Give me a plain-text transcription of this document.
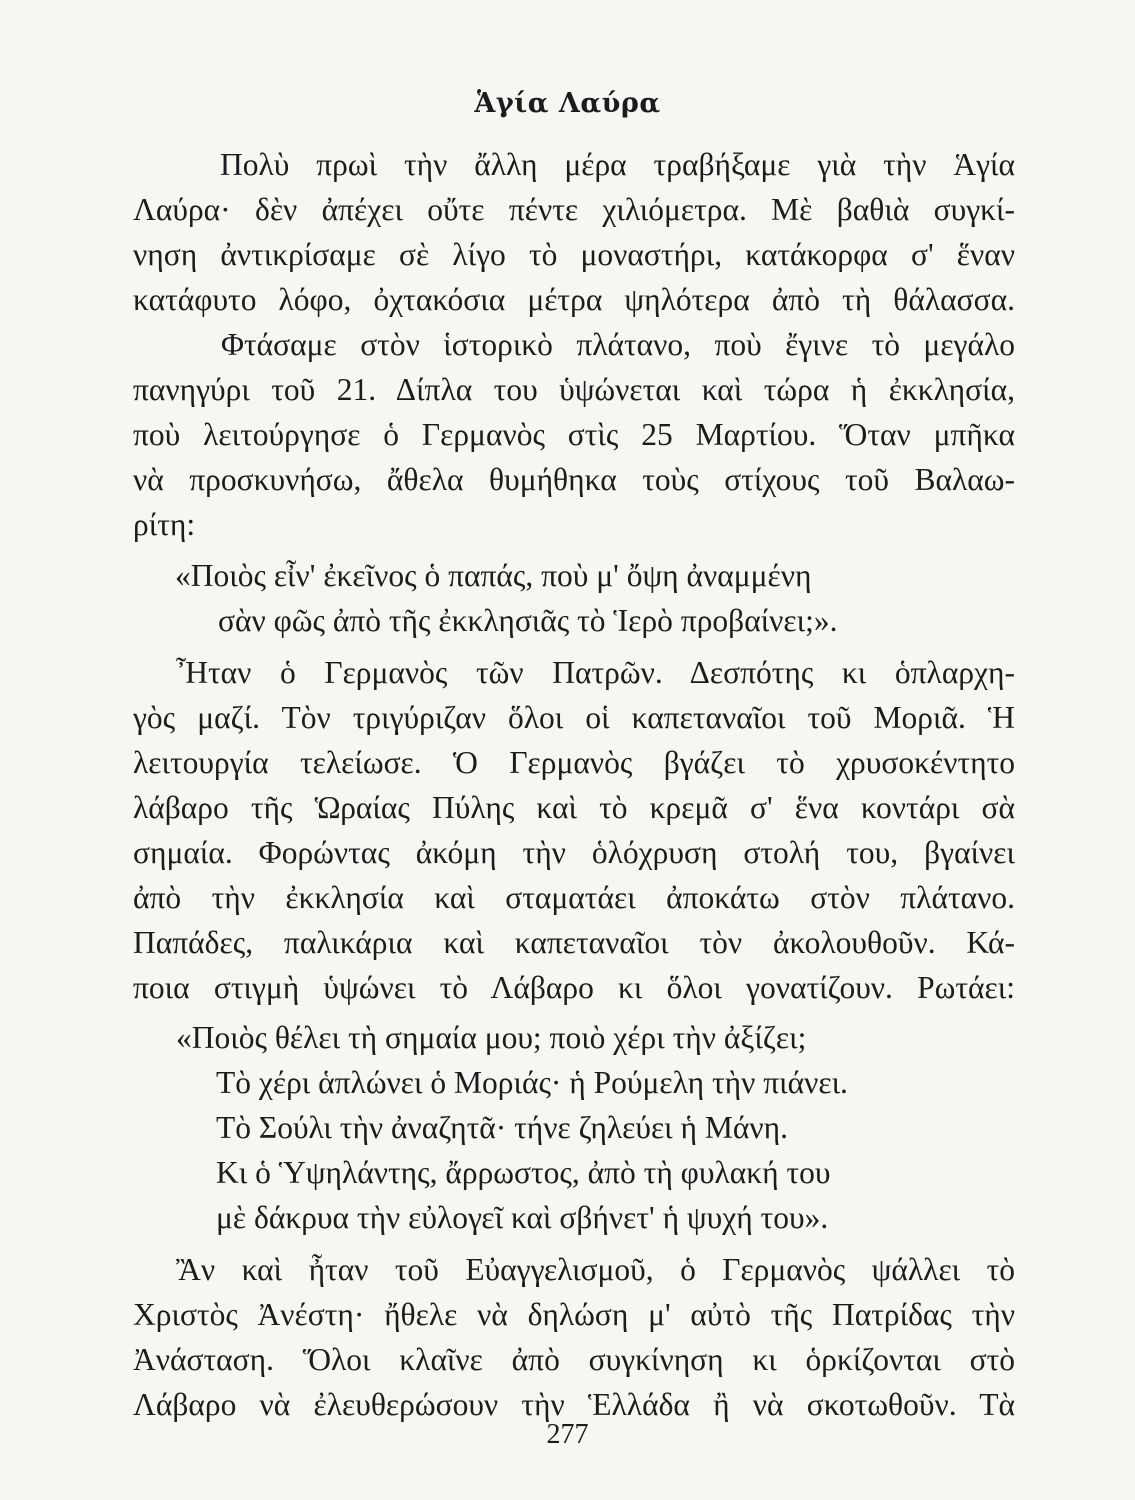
Ἁγία Λαύρα
Πολὺ πρωὶ τὴν ἄλλη μέρα τραβήξαμε γιὰ τὴν Ἁγία
Λαύρα· δὲν ἀπέχει οὔτε πέντε χιλιόμετρα. Μὲ βαθιὰ συγκί-
νηση ἀντικρίσαμε σὲ λίγο τὸ μοναστήρι, κατάκορφα σ' ἕναν
κατάφυτο λόφο, ὀχτακόσια μέτρα ψηλότερα ἀπὸ τὴ θάλασσα.
Φτάσαμε στὸν ἱστορικὸ πλάτανο, ποὺ ἔγινε τὸ μεγάλο
πανηγύρι τοῦ 21. Δίπλα του ὑψώνεται καὶ τώρα ἡ ἐκκλησία,
ποὺ λειτούργησε ὁ Γερμανὸς στὶς 25 Μαρτίου. Ὅταν μπῆκα
νὰ προσκυνήσω, ἄθελα θυμήθηκα τοὺς στίχους τοῦ Βαλαω-
ρίτη:
«Ποιὸς εἶν' ἐκεῖνος ὁ παπάς, ποὺ μ' ὄψη ἀναμμένη
σὰν φῶς ἀπὸ τῆς ἐκκλησιᾶς τὸ Ἱερὸ προβαίνει;».
Ἦταν ὁ Γερμανὸς τῶν Πατρῶν. Δεσπότης κι ὁπλαρχη-
γὸς μαζί. Τὸν τριγύριζαν ὅλοι οἱ καπεταναῖοι τοῦ Μοριᾶ. Ἡ
λειτουργία τελείωσε. Ὁ Γερμανὸς βγάζει τὸ χρυσοκέντητο
λάβαρο τῆς Ὡραίας Πύλης καὶ τὸ κρεμᾶ σ' ἕνα κοντάρι σὰ
σημαία. Φορώντας ἀκόμη τὴν ὁλόχρυση στολή του, βγαίνει
ἀπὸ τὴν ἐκκλησία καὶ σταματάει ἀποκάτω στὸν πλάτανο.
Παπάδες, παλικάρια καὶ καπεταναῖοι τὸν ἀκολουθοῦν. Κά-
ποια στιγμὴ ὑψώνει τὸ Λάβαρο κι ὅλοι γονατίζουν. Ρωτάει:
«Ποιὸς θέλει τὴ σημαία μου; ποιὸ χέρι τὴν ἀξίζει;
Τὸ χέρι ἁπλώνει ὁ Μοριάς· ἡ Ρούμελη τὴν πιάνει.
Τὸ Σούλι τὴν ἀναζητᾶ· τήνε ζηλεύει ἡ Μάνη.
Κι ὁ Ὑψηλάντης, ἄρρωστος, ἀπὸ τὴ φυλακή του
μὲ δάκρυα τὴν εὐλογεῖ καὶ σβήνετ' ἡ ψυχή του».
Ἂν καὶ ἦταν τοῦ Εὐαγγελισμοῦ, ὁ Γερμανὸς ψάλλει τὸ
Χριστὸς Ἀνέστη· ἤθελε νὰ δηλώση μ' αὐτὸ τῆς Πατρίδας τὴν
Ἀνάσταση. Ὅλοι κλαῖνε ἀπὸ συγκίνηση κι ὁρκίζονται στὸ
Λάβαρο νὰ ἐλευθερώσουν τὴν Ἑλλάδα ἢ νὰ σκοτωθοῦν. Τὰ
277
